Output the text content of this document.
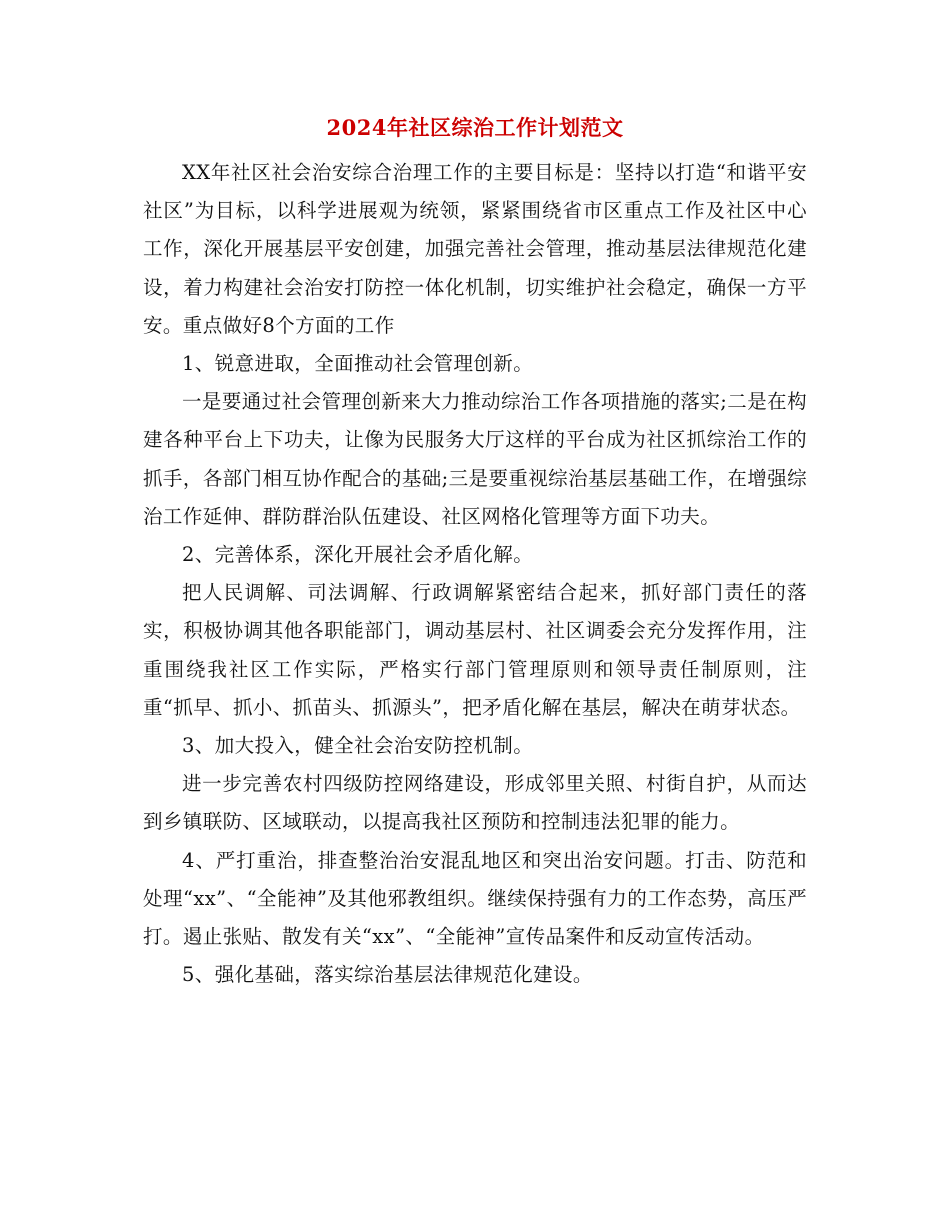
2024年社区综治工作计划范文

XX年社区社会治安综合治理工作的主要目标是：坚持以打造“和谐平安社区”为目标，以科学进展观为统领，紧紧围绕省市区重点工作及社区中心工作，深化开展基层平安创建，加强完善社会管理，推动基层法律规范化建设，着力构建社会治安打防控一体化机制，切实维护社会稳定，确保一方平安。重点做好8个方面的工作

1、锐意进取，全面推动社会管理创新。

一是要通过社会管理创新来大力推动综治工作各项措施的落实;二是在构建各种平台上下功夫，让像为民服务大厅这样的平台成为社区抓综治工作的抓手，各部门相互协作配合的基础;三是要重视综治基层基础工作，在增强综治工作延伸、群防群治队伍建设、社区网格化管理等方面下功夫。

2、完善体系，深化开展社会矛盾化解。

把人民调解、司法调解、行政调解紧密结合起来，抓好部门责任的落实，积极协调其他各职能部门，调动基层村、社区调委会充分发挥作用，注重围绕我社区工作实际，严格实行部门管理原则和领导责任制原则，注重“抓早、抓小、抓苗头、抓源头”，把矛盾化解在基层，解决在萌芽状态。

3、加大投入，健全社会治安防控机制。

进一步完善农村四级防控网络建设，形成邻里关照、村街自护，从而达到乡镇联防、区域联动，以提高我社区预防和控制违法犯罪的能力。

4、严打重治，排查整治治安混乱地区和突出治安问题。打击、防范和处理“xx”、“全能神”及其他邪教组织。继续保持强有力的工作态势，高压严打。遏止张贴、散发有关“xx”、“全能神”宣传品案件和反动宣传活动。

5、强化基础，落实综治基层法律规范化建设。
